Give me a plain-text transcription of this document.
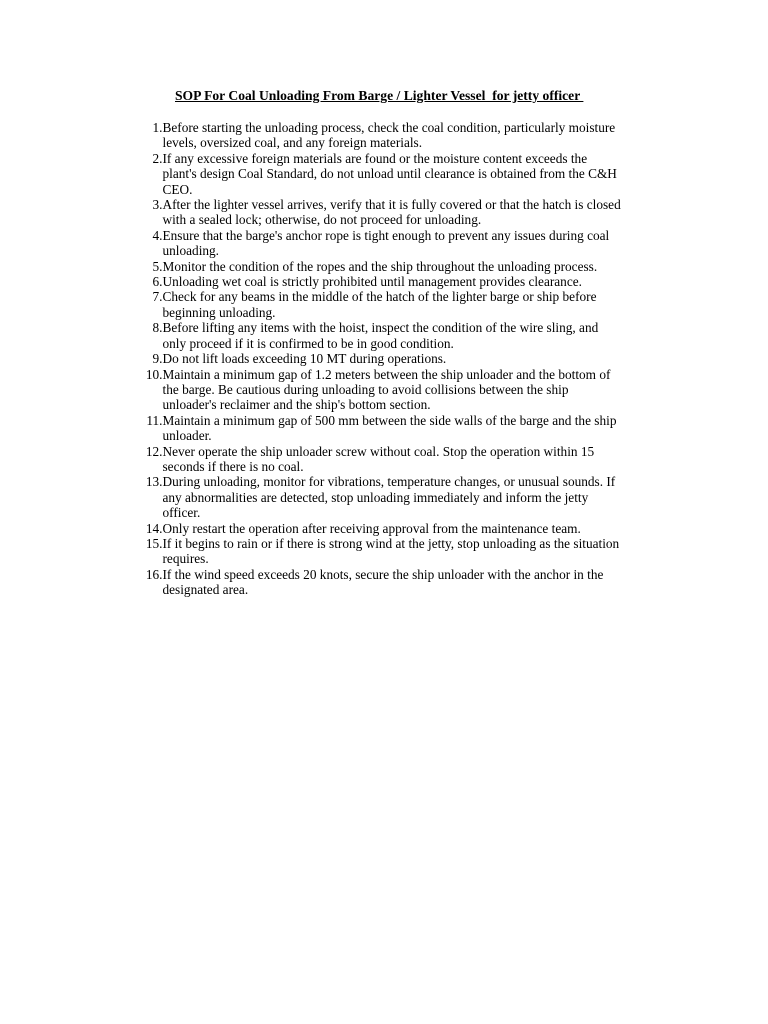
SOP For Coal Unloading From Barge / Lighter Vessel  for jetty officer
1. Before starting the unloading process, check the coal condition, particularly moisture
levels, oversized coal, and any foreign materials.
2. If any excessive foreign materials are found or the moisture content exceeds the
plant's design Coal Standard, do not unload until clearance is obtained from the C&H
CEO.
3. After the lighter vessel arrives, verify that it is fully covered or that the hatch is closed
with a sealed lock; otherwise, do not proceed for unloading.
4. Ensure that the barge's anchor rope is tight enough to prevent any issues during coal
unloading.
5. Monitor the condition of the ropes and the ship throughout the unloading process.
6. Unloading wet coal is strictly prohibited until management provides clearance.
7. Check for any beams in the middle of the hatch of the lighter barge or ship before
beginning unloading.
8. Before lifting any items with the hoist, inspect the condition of the wire sling, and
only proceed if it is confirmed to be in good condition.
9. Do not lift loads exceeding 10 MT during operations.
10. Maintain a minimum gap of 1.2 meters between the ship unloader and the bottom of
the barge. Be cautious during unloading to avoid collisions between the ship
unloader's reclaimer and the ship's bottom section.
11. Maintain a minimum gap of 500 mm between the side walls of the barge and the ship
unloader.
12. Never operate the ship unloader screw without coal. Stop the operation within 15
seconds if there is no coal.
13. During unloading, monitor for vibrations, temperature changes, or unusual sounds. If
any abnormalities are detected, stop unloading immediately and inform the jetty
officer.
14. Only restart the operation after receiving approval from the maintenance team.
15. If it begins to rain or if there is strong wind at the jetty, stop unloading as the situation
requires.
16. If the wind speed exceeds 20 knots, secure the ship unloader with the anchor in the
designated area.
